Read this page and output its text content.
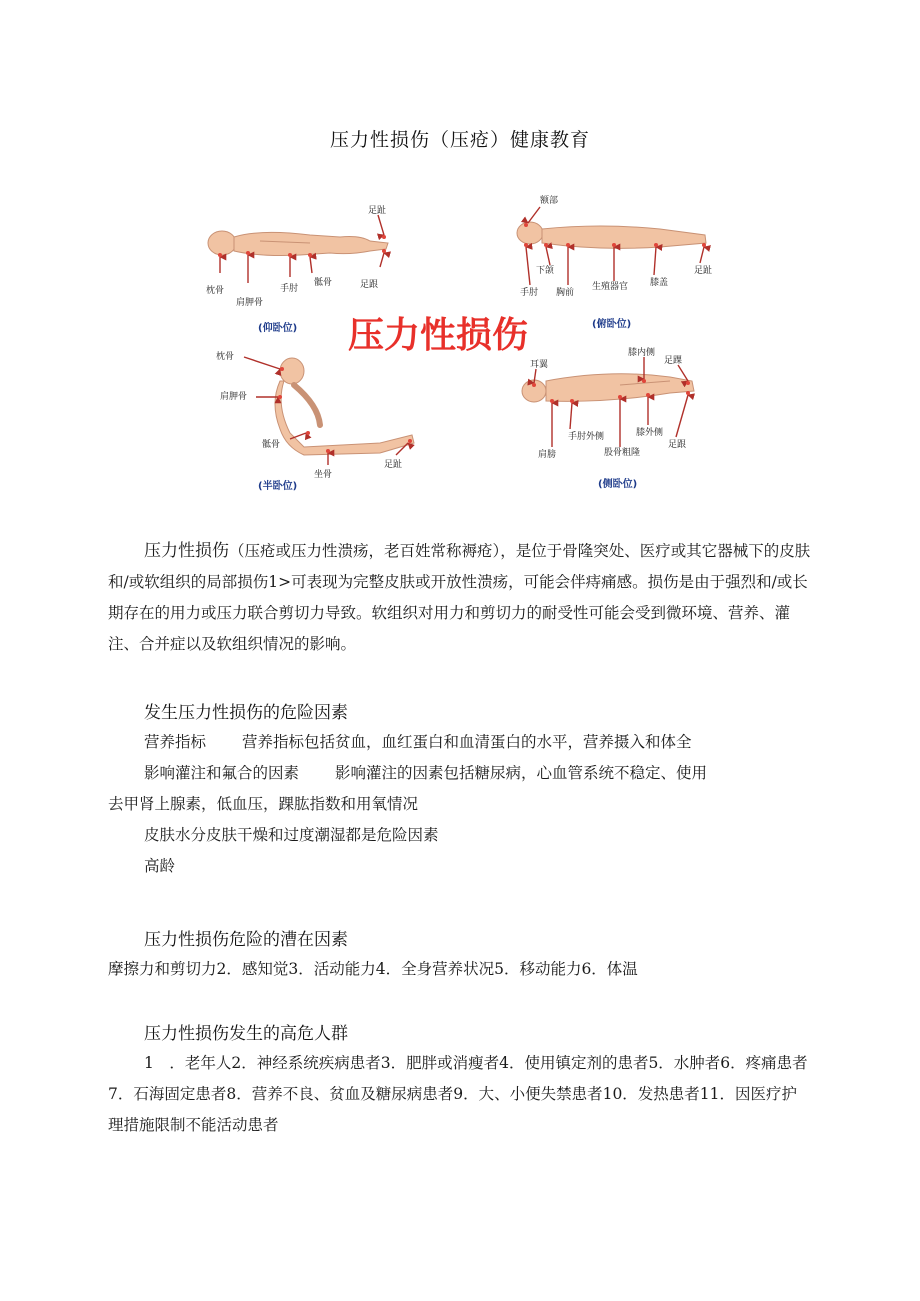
压力性损伤（压疮）健康教育
足趾
枕骨
肩胛骨
手肘
骶骨	足跟
(仰卧位)
额部
下颌
手肘 胸前
生殖器官 膝盖
足趾
(俯卧位)
压力性损伤
枕骨
肩胛骨
骶骨
坐骨
足趾
(半卧位)
耳翼
膝内侧
足踝
手肘外侧	膝外侧
足跟
肩膀	股骨粗隆
(侧卧位)
压力性损伤（压疮或压力性溃疡，老百姓常称褥疮），是位于骨隆突处、医疗或其它器械下的皮肤和/或软组织的局部损伤1>可表现为完整皮肤或开放性溃疡，可能会伴痔痛感。损伤是由于强烈和/或长期存在的用力或压力联合剪切力导致。软组织对用力和剪切力的耐受性可能会受到微环境、营养、灌注、合并症以及软组织情况的影响。
发生压力性损伤的危险因素
营养指标 营养指标包括贫血，血红蛋白和血清蛋白的水平，营养摄入和体全
影响灌注和氟合的因素 影响灌注的因素包括糖尿病，心血管系统不稳定、使用
去甲肾上腺素，低血压，踝肱指数和用氧情况
皮肤水分皮肤干燥和过度潮湿都是危险因素
高龄
压力性损伤危险的漕在因素
摩擦力和剪切力2．感知觉3．活动能力4．全身营养状况5．移动能力6．体温
压力性损伤发生的高危人群
1　．老年人2．神经系统疾病患者3．肥胖或消瘦者4．使用镇定剂的患者5．水肿者6．疼痛患者
7．石海固定患者8．营养不良、贫血及糖尿病患者9．大、小便失禁患者10．发热患者11．因医疗护
理措施限制不能活动患者
